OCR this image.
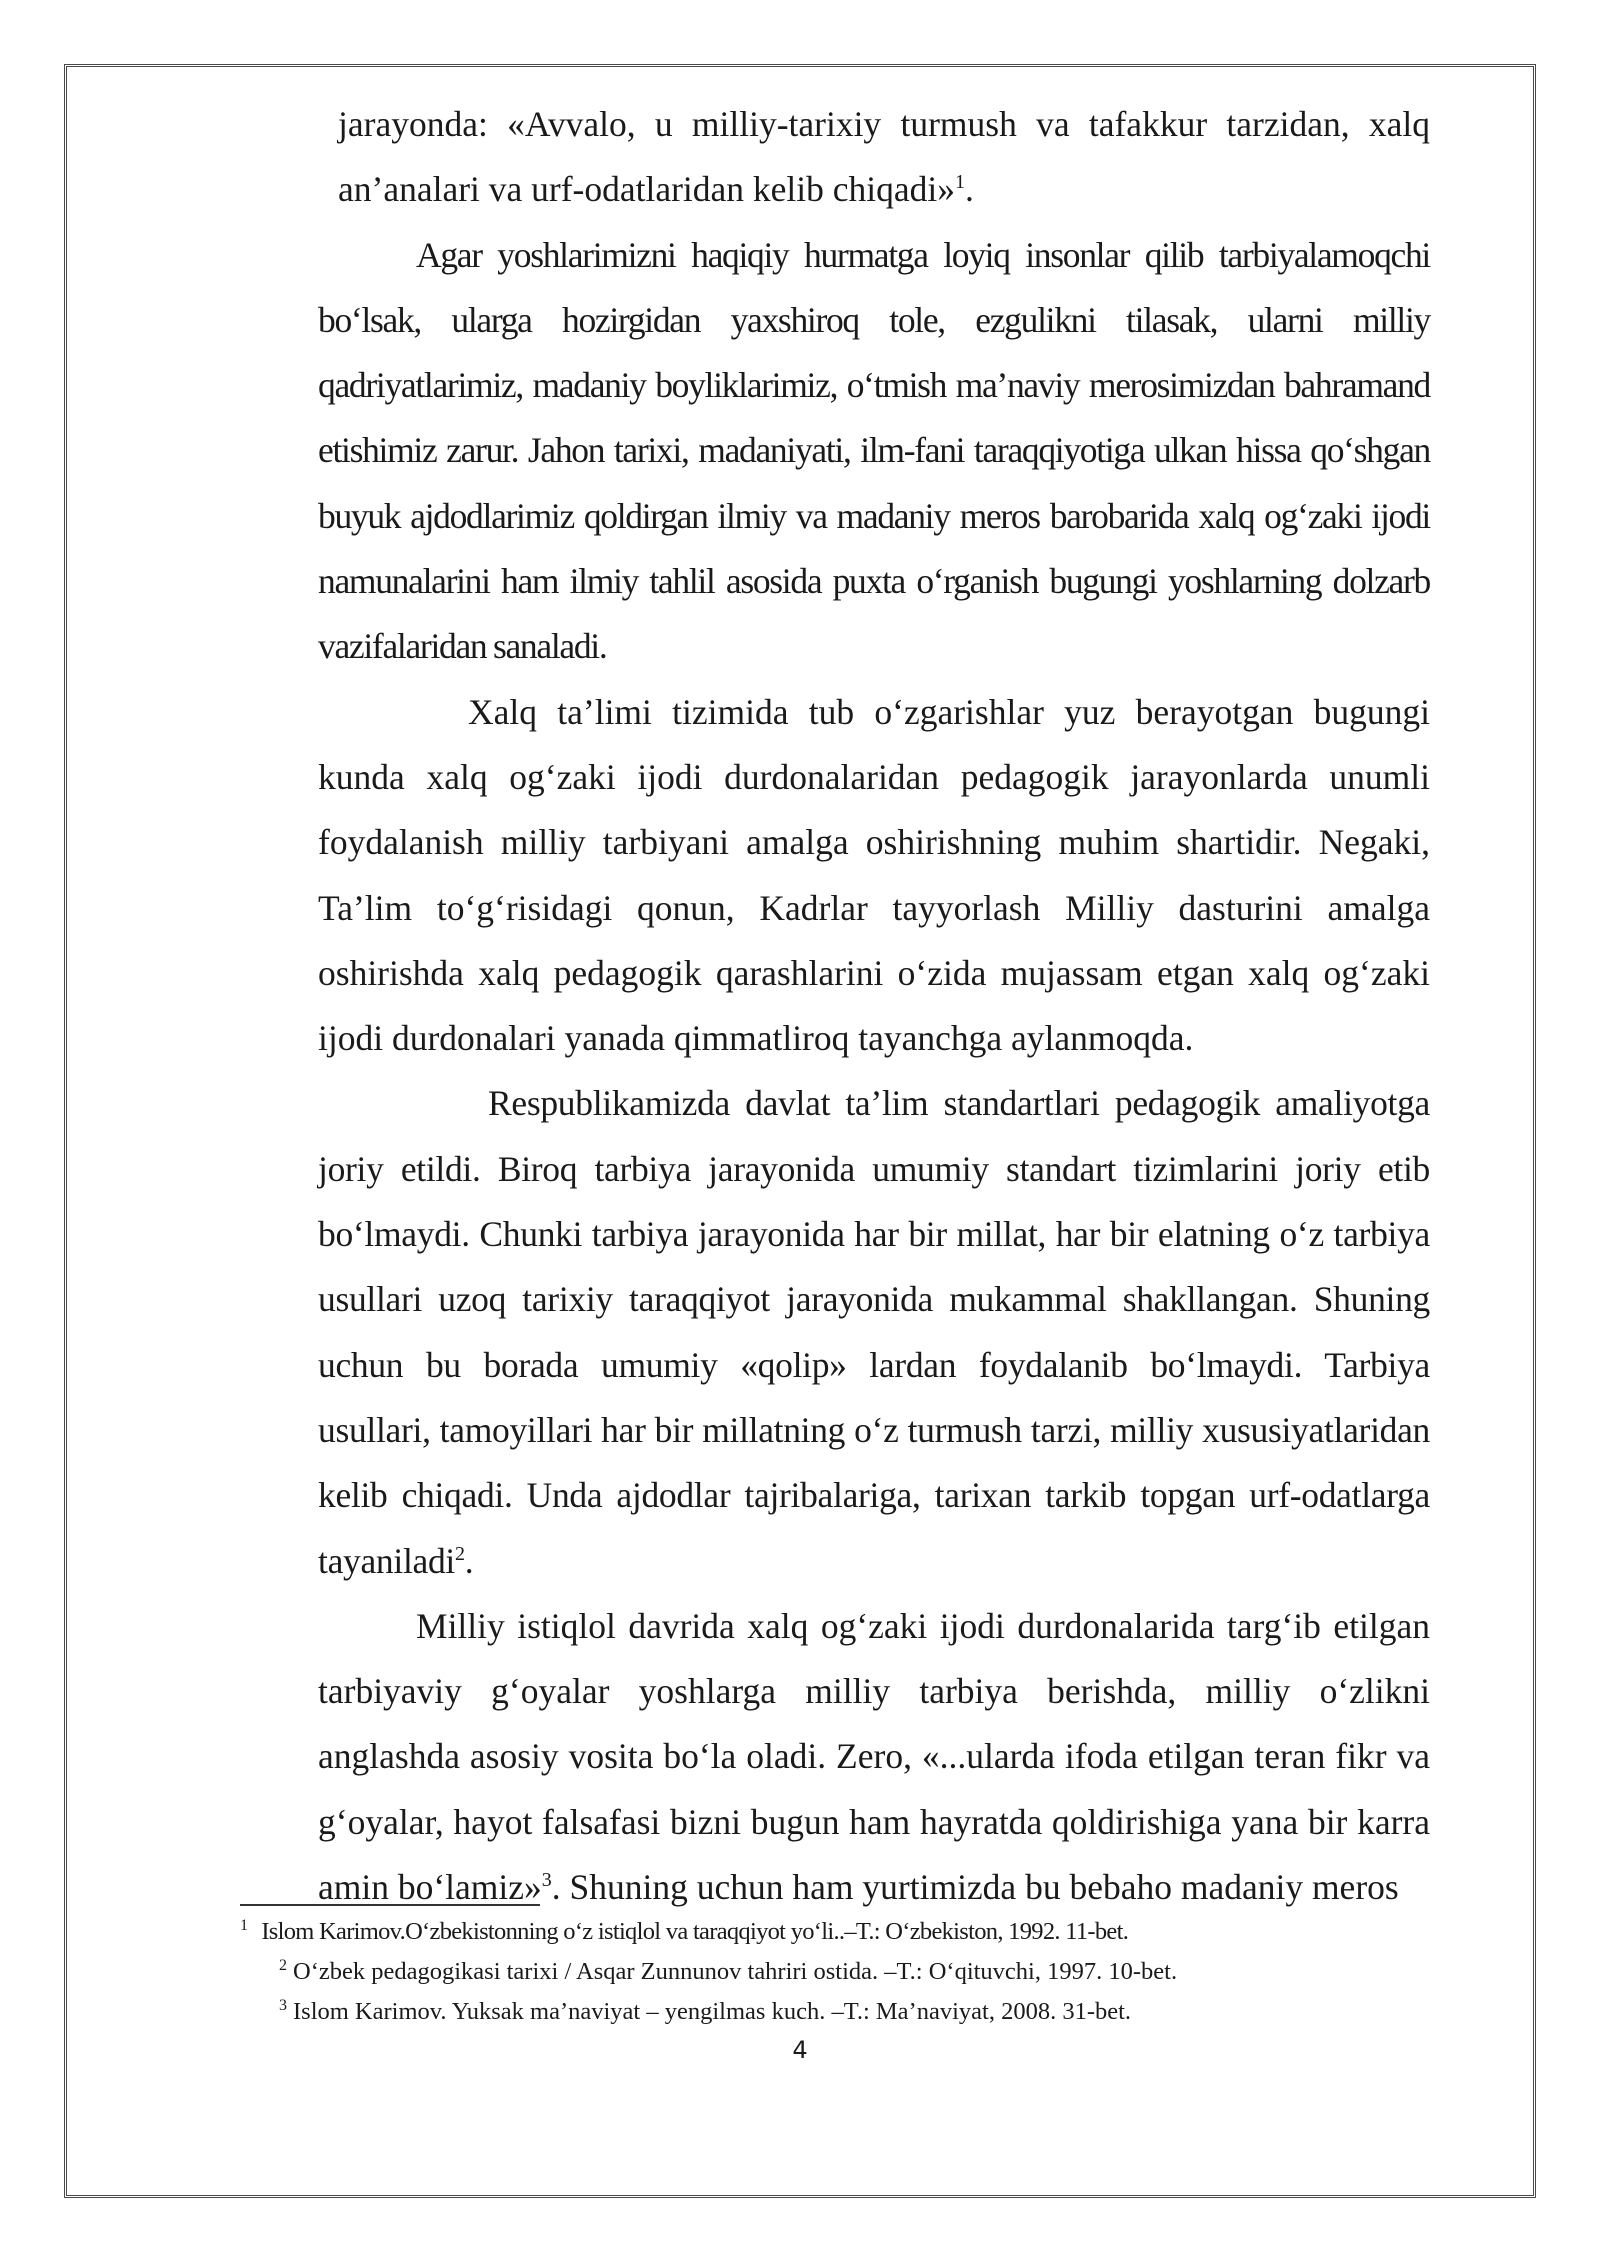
jarayonda: «Avvalo, u milliy-tarixiy turmush va tafakkur tarzidan, xalq an’analari va urf-odatlaridan kelib chiqadi»$^1$.

Agar yoshlarimizni haqiqiy hurmatga loyiq insonlar qilib tarbiyalamoqchi bo‘lsak, ularga hozirgidan yaxshiroq tole, ezgulikni tilasak, ularni milliy qadriyatlarimiz, madaniy boyliklarimiz, o‘tmish ma’naviy merosimizdan bahramand etishimiz zarur. Jahon tarixi, madaniyati, ilm-fani taraqqiyotiga ulkan hissa qo‘shgan buyuk ajdodlarimiz qoldirgan ilmiy va madaniy meros barobarida xalq og‘zaki ijodi namunalarini ham ilmiy tahlil asosida puxta o‘rganish bugungi yoshlarning dolzarb vazifalaridan sanaladi.

Xalq ta’limi tizimida tub o‘zgarishlar yuz berayotgan bugungi kunda xalq og‘zaki ijodi durdonalaridan pedagogik jarayonlarda unumli foydalanish milliy tarbiyani amalga oshirishning muhim shartidir. Negaki, Ta’lim to‘g‘risidagi qonun, Kadrlar tayyorlash Milliy dasturini amalga oshirishda xalq pedagogik qarashlarini o‘zida mujassam etgan xalq og‘zaki ijodi durdonalari yanada qimmatliroq tayanchga aylanmoqda.

Respublikamizda davlat ta’lim standartlari pedagogik amaliyotga joriy etildi. Biroq tarbiya jarayonida umumiy standart tizimlarini joriy etib bo‘lmaydi. Chunki tarbiya jarayonida har bir millat, har bir elatning o‘z tarbiya usullari uzoq tarixiy taraqqiyot jarayonida mukammal shakllangan. Shuning uchun bu borada umumiy «qolip» lardan foydalanib bo‘lmaydi. Tarbiya usullari, tamoyillari har bir millatning o‘z turmush tarzi, milliy xususiyatlaridan kelib chiqadi. Unda ajdodlar tajribalariga, tarixan tarkib topgan urf-odatlarga tayaniladi$^2$.

Milliy istiqlol davrida xalq og‘zaki ijodi durdonalarida targ‘ib etilgan tarbiyaviy g‘oyalar yoshlarga milliy tarbiya berishda, milliy o‘zlikni anglashda asosiy vosita bo‘la oladi. Zero, «...ularda ifoda etilgan teran fikr va g‘oyalar, hayot falsafasi bizni bugun ham hayratda qoldirishiga yana bir karra amin bo‘lamiz»$^3$. Shuning uchun ham yurtimizda bu bebaho madaniy meros

$^1$ Islom Karimov.O‘zbekistonning o‘z istiqlol va taraqqiyot yo‘li..–T.: O‘zbekiston, 1992. 11-bet.

$^2$ O‘zbek pedagogikasi tarixi / Asqar Zunnunov tahriri ostida. –T.: O‘qituvchi, 1997. 10-bet.

$^3$ Islom Karimov. Yuksak ma’naviyat – yengilmas kuch. –T.: Ma’naviyat, 2008. 31-bet.

4
